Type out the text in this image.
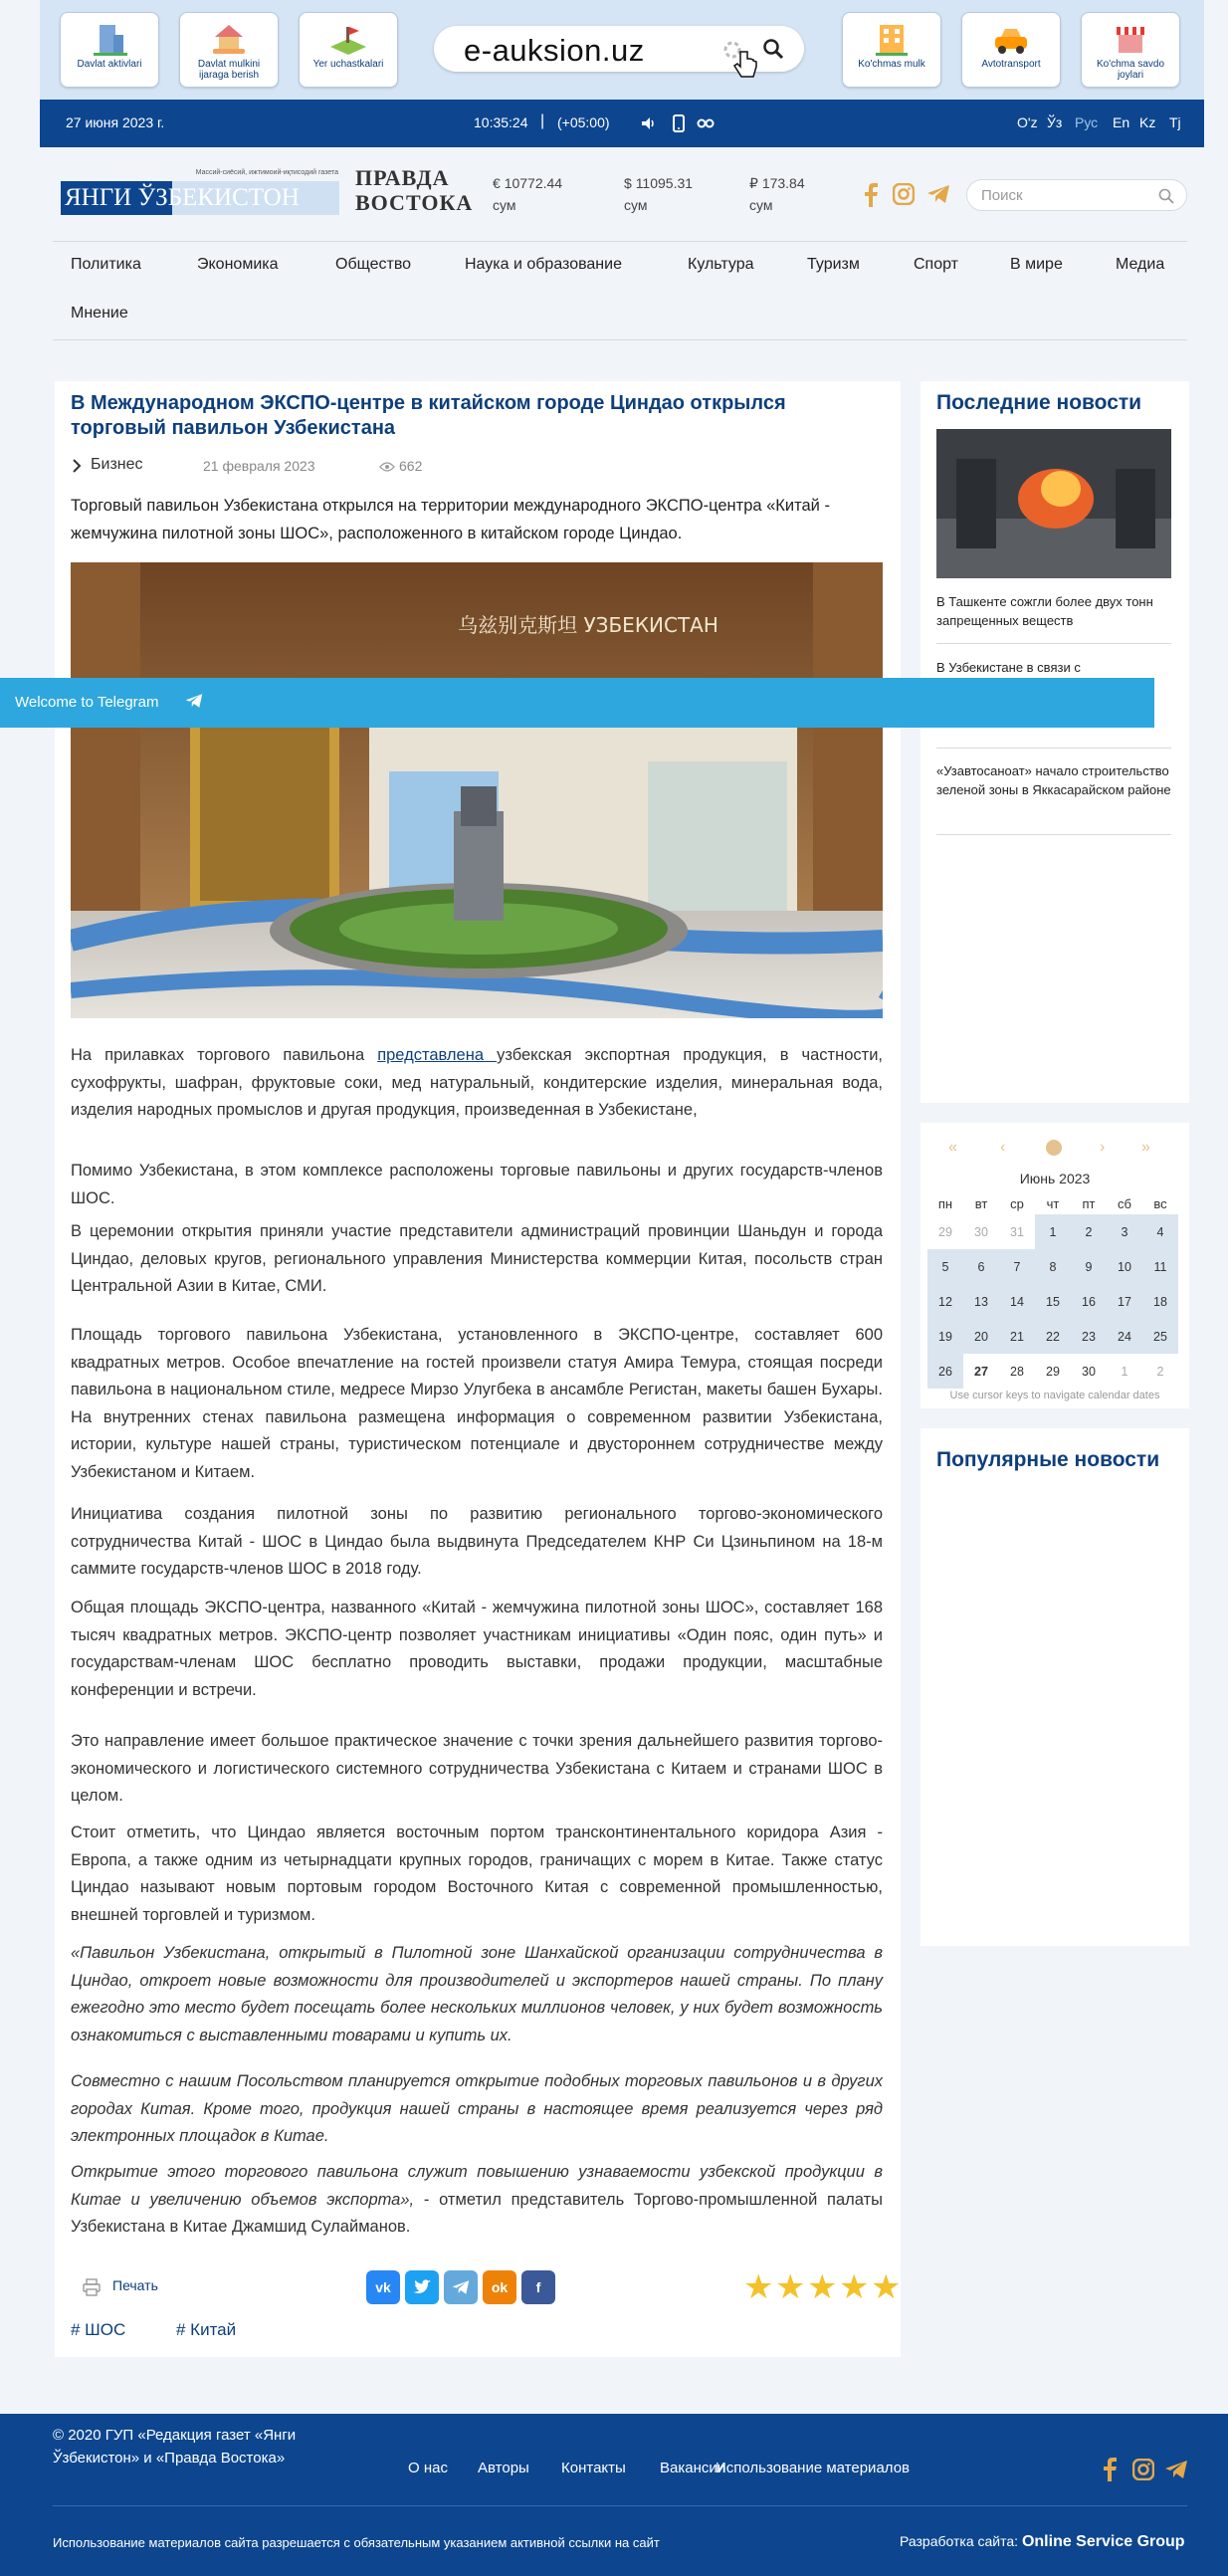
Davlat aktivlari	Davlat mulkini ijaraga berish
Yer uchastkalari	e-auksion.uz	Ko'chmas mulk	Avtotransport	Ko'chma savdo joylari
27 июня 2023 г.	10:35:24 | (+05:00)	O'z Ўз Рус En Kz Tj
Массий-сиёсий, ижтимоий-иқтисодий газета
ЯНГИ ЎЗБЕКИСТОН
ПРАВДА ВОСТОКА
€ 10772.44
сум
$ 11095.31
сум
₽ 173.84
сум
Поиск
Политика	Экономика	Общество	Наука и образование	Культура	Туризм	Спорт	В мире	Медиа
Мнение
В Международном ЭКСПО-центре в китайском городе Циндао открылся торговый павильон Узбекистана
Бизнес	21 февраля 2023	662
Торговый павильон Узбекистана открылся на территории международного ЭКСПО-центра «Китай - жемчужина пилотной зоны ШОС», расположенного в китайском городе Циндао.
乌兹别克斯坦 УЗБЕКИСТАН
На прилавках торгового павильона представлена узбекская экспортная продукция, в частности, сухофрукты, шафран, фруктовые соки, мед натуральный, кондитерские изделия, минеральная вода, изделия народных промыслов и другая продукция, произведенная в Узбекистане,
Помимо Узбекистана, в этом комплексе расположены торговые павильоны и других государств-членов ШОС.
В церемонии открытия приняли участие представители администраций провинции Шаньдун и города Циндао, деловых кругов, регионального управления Министерства коммерции Китая, посольств стран Центральной Азии в Китае, СМИ.
Площадь торгового павильона Узбекистана, установленного в ЭКСПО-центре, составляет 600 квадратных метров. Особое впечатление на гостей произвели статуя Амира Темура, стоящая посреди павильона в национальном стиле, медресе Мирзо Улугбека в ансамбле Регистан, макеты башен Бухары. На внутренних стенах павильона размещена информация о современном развитии Узбекистана, истории, культуре нашей страны, туристическом потенциале и двустороннем сотрудничестве между Узбекистаном и Китаем.
Инициатива создания пилотной зоны по развитию регионального торгово-экономического сотрудничества Китай - ШОС в Циндао была выдвинута Председателем КНР Си Цзиньпином на 18-м саммите государств-членов ШОС в 2018 году.
Общая площадь ЭКСПО-центра, названного «Китай - жемчужина пилотной зоны ШОС», составляет 168 тысяч квадратных метров. ЭКСПО-центр позволяет участникам инициативы «Один пояс, один путь» и государствам-членам ШОС бесплатно проводить выставки, продажи продукции, масштабные конференции и встречи.
Это направление имеет большое практическое значение с точки зрения дальнейшего развития торгово-экономического и логистического системного сотрудничества Узбекистана с Китаем и странами ШОС в целом.
Стоит отметить, что Циндао является восточным портом трансконтинентального коридора Азия - Европа, а также одним из четырнадцати крупных городов, граничащих с морем в Китае. Также статус Циндао называют новым портовым городом Восточного Китая с современной промышленностью, внешней торговлей и туризмом.
«Павильон Узбекистана, открытый в Пилотной зоне Шанхайской организации сотрудничества в Циндао, откроет новые возможности для производителей и экспортеров нашей страны. По плану ежегодно это место будет посещать более нескольких миллионов человек, у них будет возможность ознакомиться с выставленными товарами и купить их.
Совместно с нашим Посольством планируется открытие подобных торговых павильонов и в других городах Китая. Кроме того, продукция нашей страны в настоящее время реализуется через ряд электронных площадок в Китае.
Открытие этого торгового павильона служит повышению узнаваемости узбекской продукции в Китае и увеличению объемов экспорта», - отметил представитель Торгово-промышленной палаты Узбекистана в Китае Джамшид Сулайманов.
Печать
# ШОС	# Китай
vk	ok	f	★ ★ ★ ★ ★
Последние новости
В Ташкенте сожгли более двух тонн запрещенных веществ
В Узбекистане в связи с
«Узавтосаноат» начало строительство зеленой зоны в Яккасарайском районе
«	‹	› »
Июнь 2023
пн	вт	ср	чт	пт	сб	вс
29	30	31	1	2	3	4
5	6	7	8	9	10	11
12	13	14	15	16	17	18
19	20	21	22	23	24	25
26	27	28	29	30	1	2
Use cursor keys to navigate calendar dates
Популярные новости
Welcome to Telegram
© 2020 ГУП «Редакция газет «Янги Ўзбекистон» и «Правда Востока»
О нас Авторы Контакты Вакансии
Использование материалов
Использование материалов сайта разрешается с обязательным указанием активной ссылки на сайт	Разработка сайта: Online Service Group
